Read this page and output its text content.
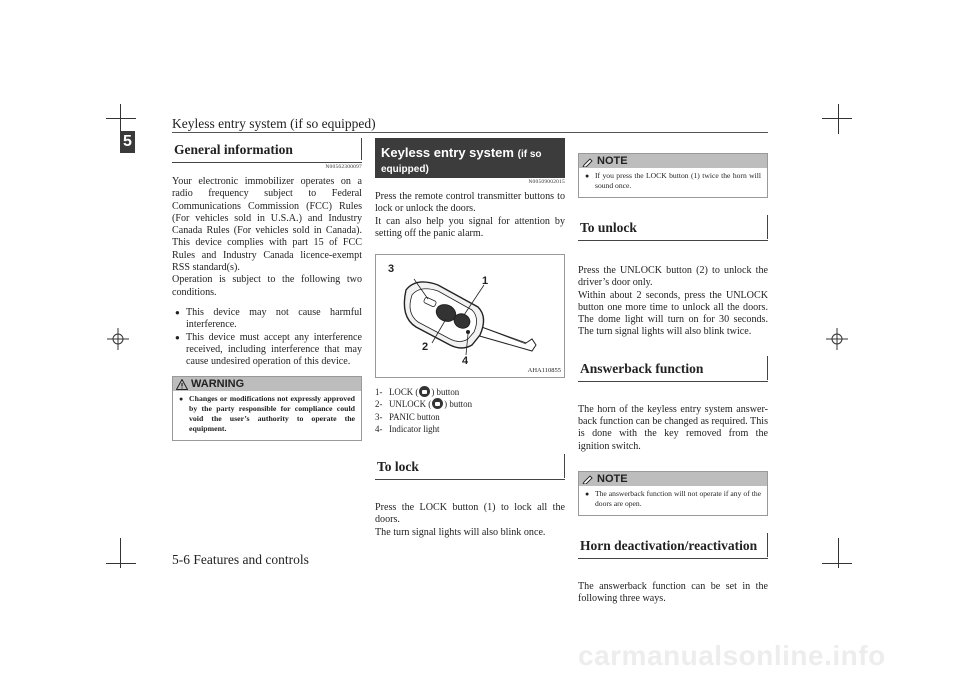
Keyless entry system (if so equipped)
5	General information
N00562300097
Your electronic immobilizer operates on a radio frequency subject to Federal Communications Commission (FCC) Rules (For vehicles sold in U.S.A.) and Industry Canada Rules (For vehicles sold in Canada). This device complies with part 15 of FCC Rules and Industry Canada licence-exempt RSS standard(s).
Operation is subject to the following two conditions.
● This device may not cause harmful interference.
● This device must accept any interference received, including interference that may cause undesired operation of this device.
WARNING
● Changes or modifications not expressly approved by the party responsible for compliance could void the user’s authority to operate the equipment.
Keyless entry system (if so equipped)
N00509002015
Press the remote control transmitter buttons to lock or unlock the doors.
It can also help you signal for attention by setting off the panic alarm.
3
1
2
4
AHA110855
1- LOCK ( ) button
2- UNLOCK ( ) button
3- PANIC button
4- Indicator light
To lock
Press the LOCK button (1) to lock all the doors.
The turn signal lights will also blink once.
NOTE
● If you press the LOCK button (1) twice the horn will sound once.
To unlock
Press the UNLOCK button (2) to unlock the driver’s door only.
Within about 2 seconds, press the UNLOCK button one more time to unlock all the doors. The dome light will turn on for 30 seconds. The turn signal lights will also blink twice.
Answerback function
The horn of the keyless entry system answer-back function can be changed as required. This is done with the key removed from the ignition switch.
NOTE
● The answerback function will not operate if any of the doors are open.
Horn deactivation/reactivation
The answerback function can be set in the following three ways.
5-6 Features and controls
carmanualsonline.info
